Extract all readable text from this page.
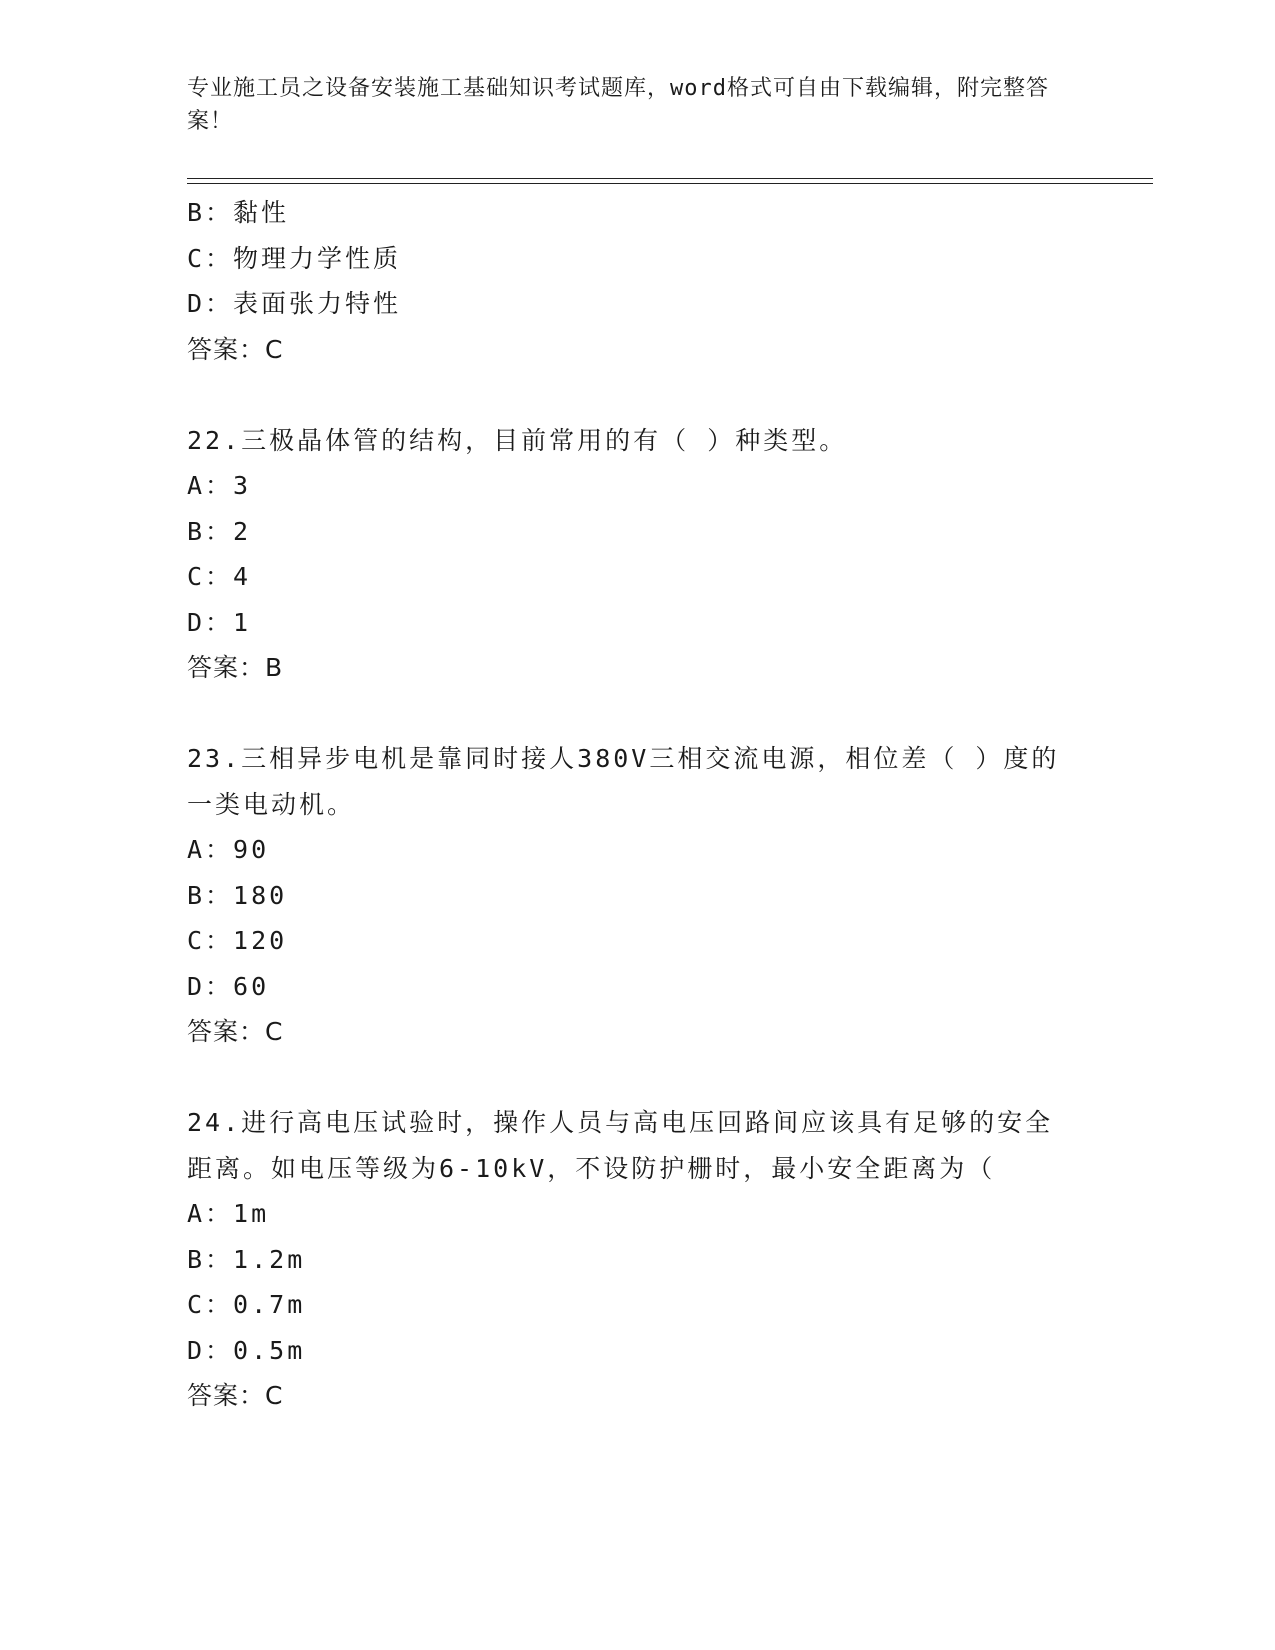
专业施工员之设备安装施工基础知识考试题库，word格式可自由下载编辑，附完整答案！
B：黏性
C：物理力学性质
D：表面张力特性
答案：C
22.三极晶体管的结构，目前常用的有（ ）种类型。
A：3
B：2
C：4
D：1
答案：B
23.三相异步电机是靠同时接人380V三相交流电源，相位差（ ）度的
一类电动机。
A：90
B：180
C：120
D：60
答案：C
24.进行高电压试验时，操作人员与高电压回路间应该具有足够的安全
距离。如电压等级为6-10kV，不设防护栅时，最小安全距离为（
A：1m
B：1.2m
C：0.7m
D：0.5m
答案：C
